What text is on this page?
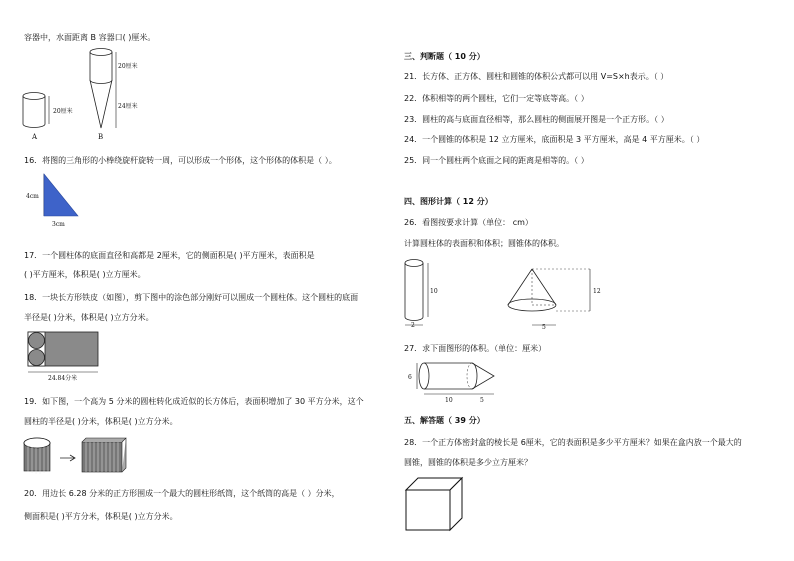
容器中，水面距离 B 容器口( )厘米。
20厘米
A
20厘米
24厘米
B
16．将图的三角形的小棒绕旋杆旋转一周，可以形成一个形体，这个形体的体积是（ ）。
4cm
3cm
17．一个圆柱体的底面直径和高都是 2厘米，它的侧面积是( )平方厘米，表面积是
( )平方厘米，体积是( )立方厘米。
18．一块长方形铁皮（如图），剪下图中的涂色部分刚好可以围成一个圆柱体。这个圆柱的底面
半径是( )分米，体积是( )立方分米。
24.84分米
19．如下图，一个高为 5 分米的圆柱转化成近似的长方体后，表面积增加了 30 平方分米，这个
圆柱的半径是( )分米，体积是( )立方分米。
20．用边长 6.28 分米的正方形围成一个最大的圆柱形纸筒，这个纸筒的高是（ ）分米，
侧面积是( )平方分米，体积是( )立方分米。
三、判断题（ 10 分）
21．长方体、正方体、圆柱和圆锥的体积公式都可以用 V=S×h表示。（ ）
22．体积相等的两个圆柱，它们一定等底等高。（ ）
23．圆柱的高与底面直径相等，那么圆柱的侧面展开图是一个正方形。（ ）
24．一个圆锥的体积是 12 立方厘米，底面积是 3 平方厘米，高是 4 平方厘米。（ ）
25．同一个圆柱两个底面之间的距离是相等的。（ ）
四、图形计算（ 12 分）
26．看图按要求计算（单位： cm）
计算圆柱体的表面积和体积；圆锥体的体积。
10
2
12
5
27．求下面图形的体积。（单位：厘米）
6
10	5
五、解答题（ 39 分）
28．一个正方体密封盒的棱长是 6厘米，它的表面积是多少平方厘米？如果在盒内放一个最大的
圆锥，圆锥的体积是多少立方厘米？
